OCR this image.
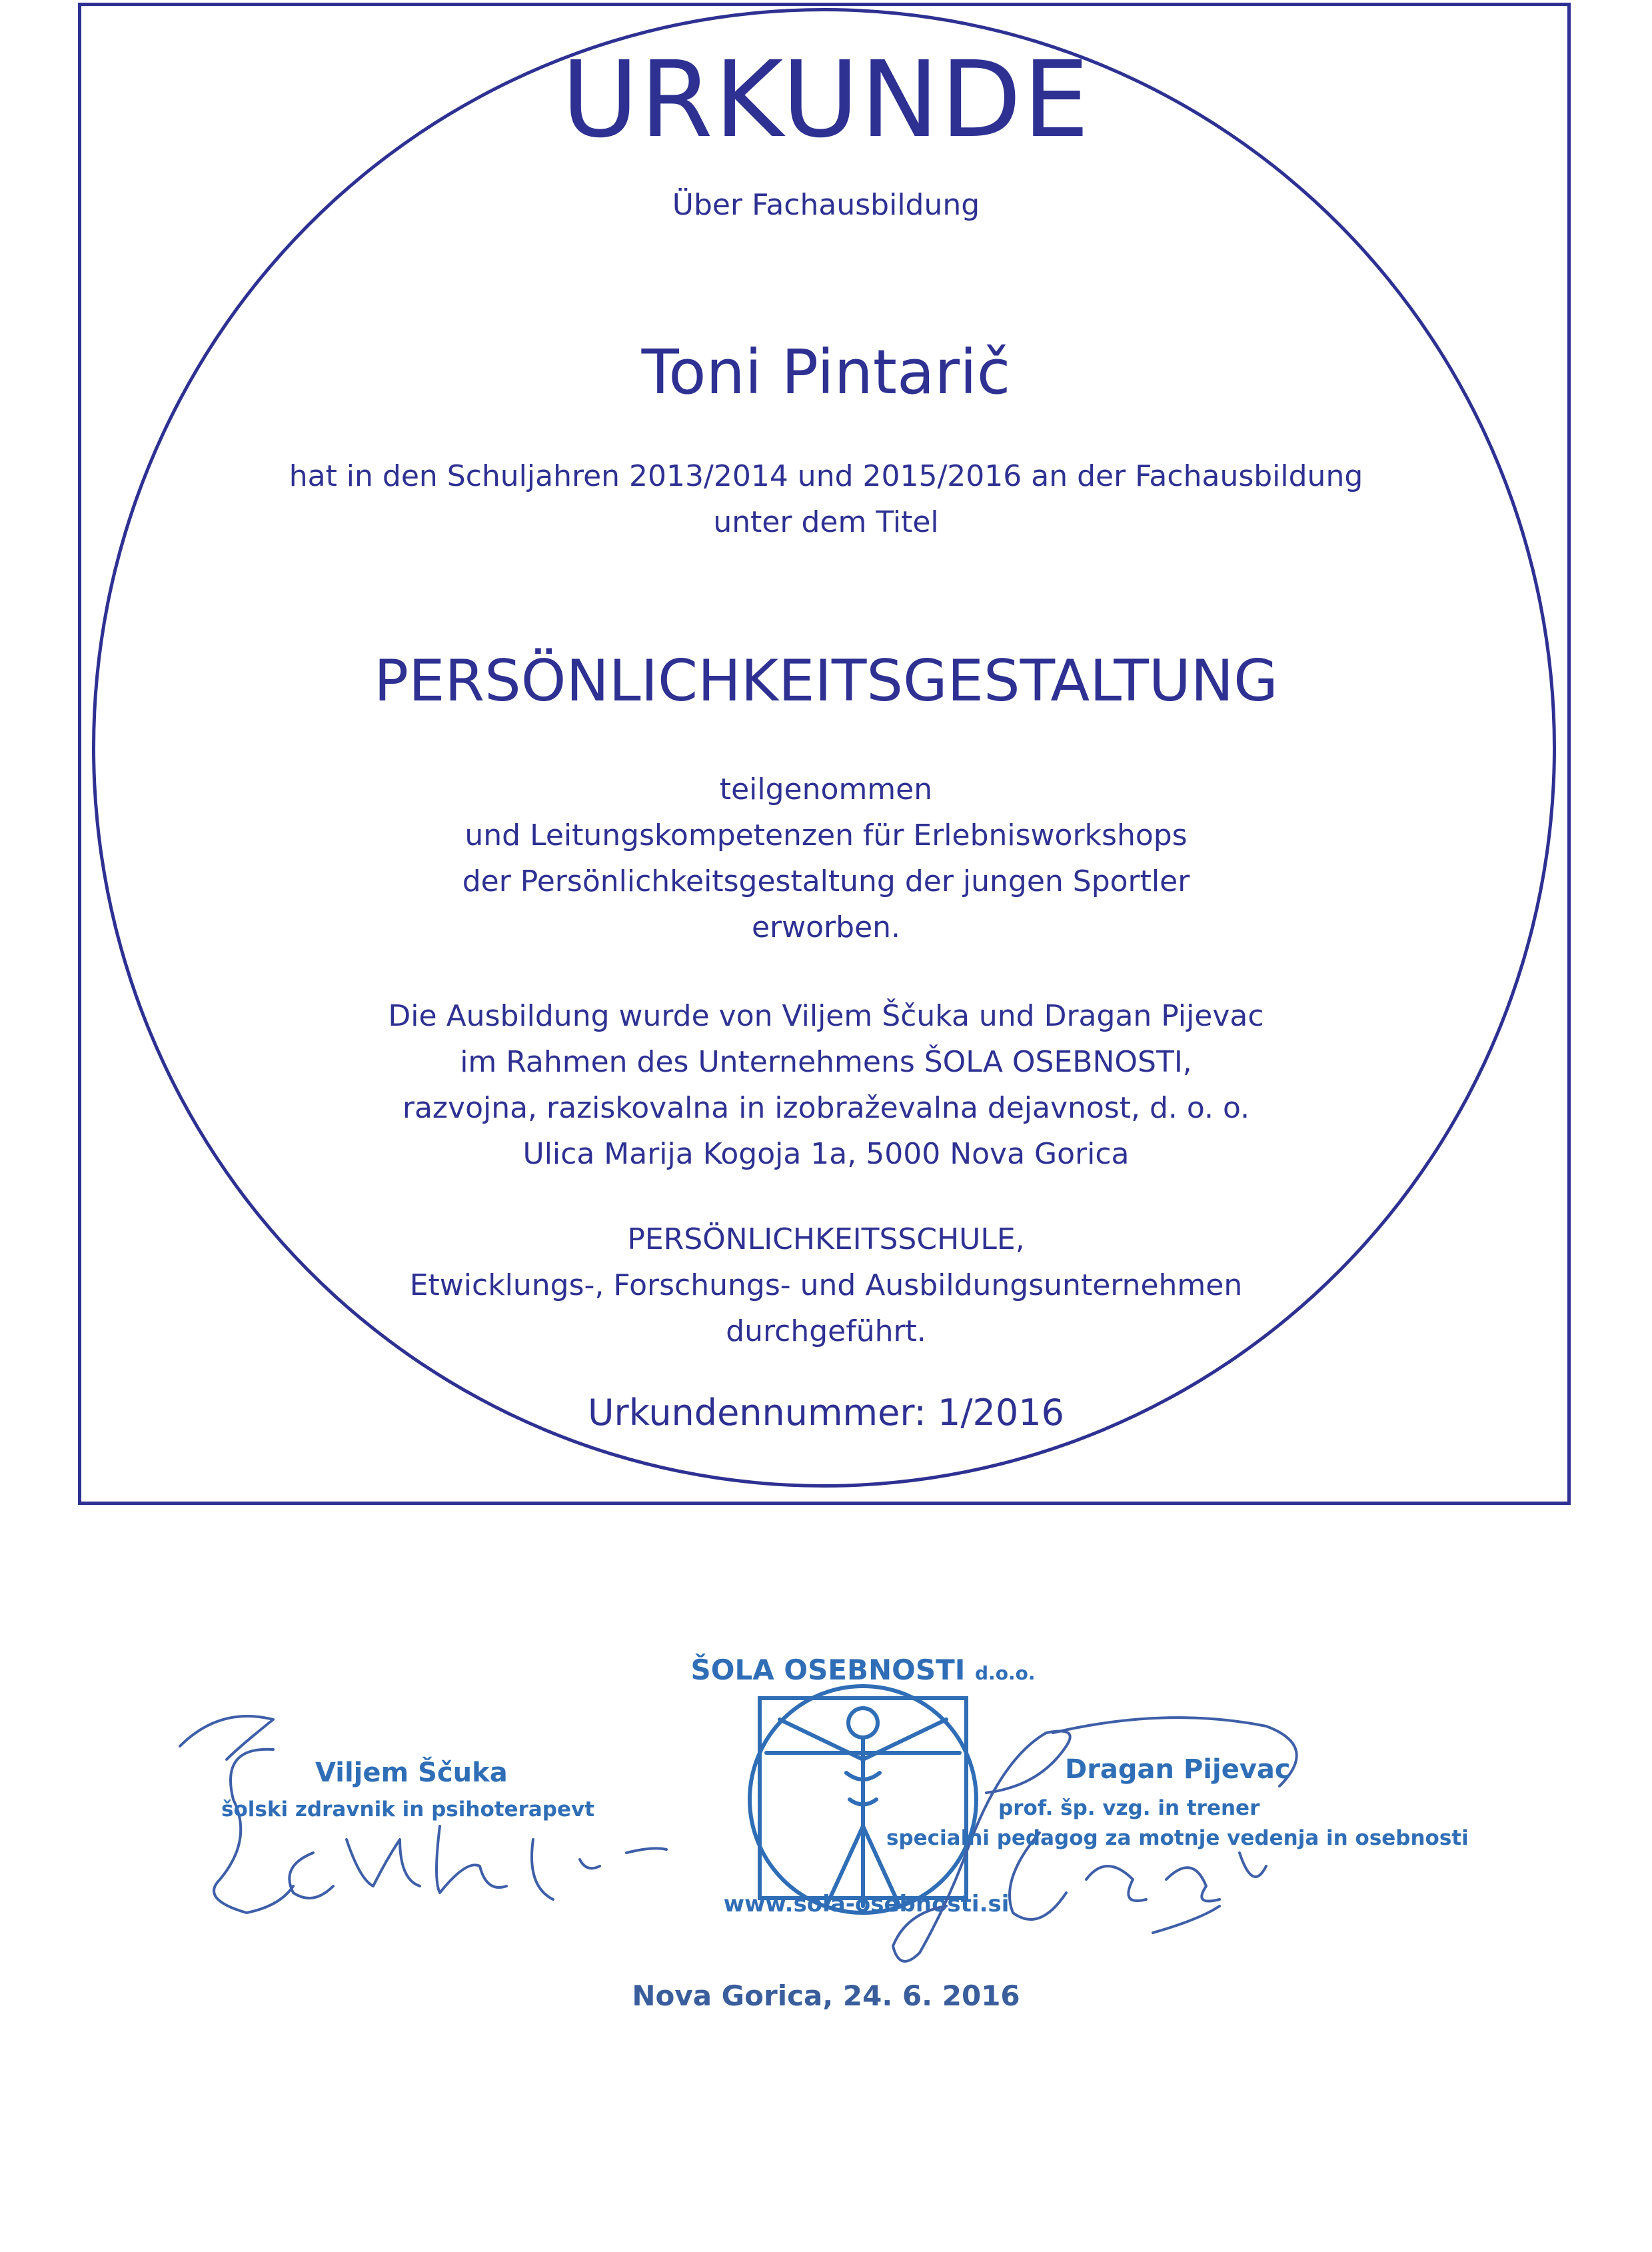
URKUNDE
Über Fachausbildung
Toni Pintarič
hat in den Schuljahren 2013/2014 und 2015/2016 an der Fachausbildung
unter dem Titel
PERSÖNLICHKEITSGESTALTUNG
teilgenommen
und Leitungskompetenzen für Erlebnisworkshops
der Persönlichkeitsgestaltung der jungen Sportler
erworben.
Die Ausbildung wurde von Viljem Ščuka und Dragan Pijevac
im Rahmen des Unternehmens ŠOLA OSEBNOSTI,
razvojna, raziskovalna in izobraževalna dejavnost, d. o. o.
Ulica Marija Kogoja 1a, 5000 Nova Gorica
PERSÖNLICHKEITSSCHULE,
Etwicklungs-, Forschungs- und Ausbildungsunternehmen
durchgeführt.
Urkundennummer: 1/2016
ŠOLA OSEBNOSTI d.o.o.
www.sola-osebnosti.si
Viljem Ščuka
šolski zdravnik in psihoterapevt
Dragan Pijevac
prof. šp. vzg. in trener
specialni pedagog za motnje vedenja in osebnosti
Nova Gorica, 24. 6. 2016
